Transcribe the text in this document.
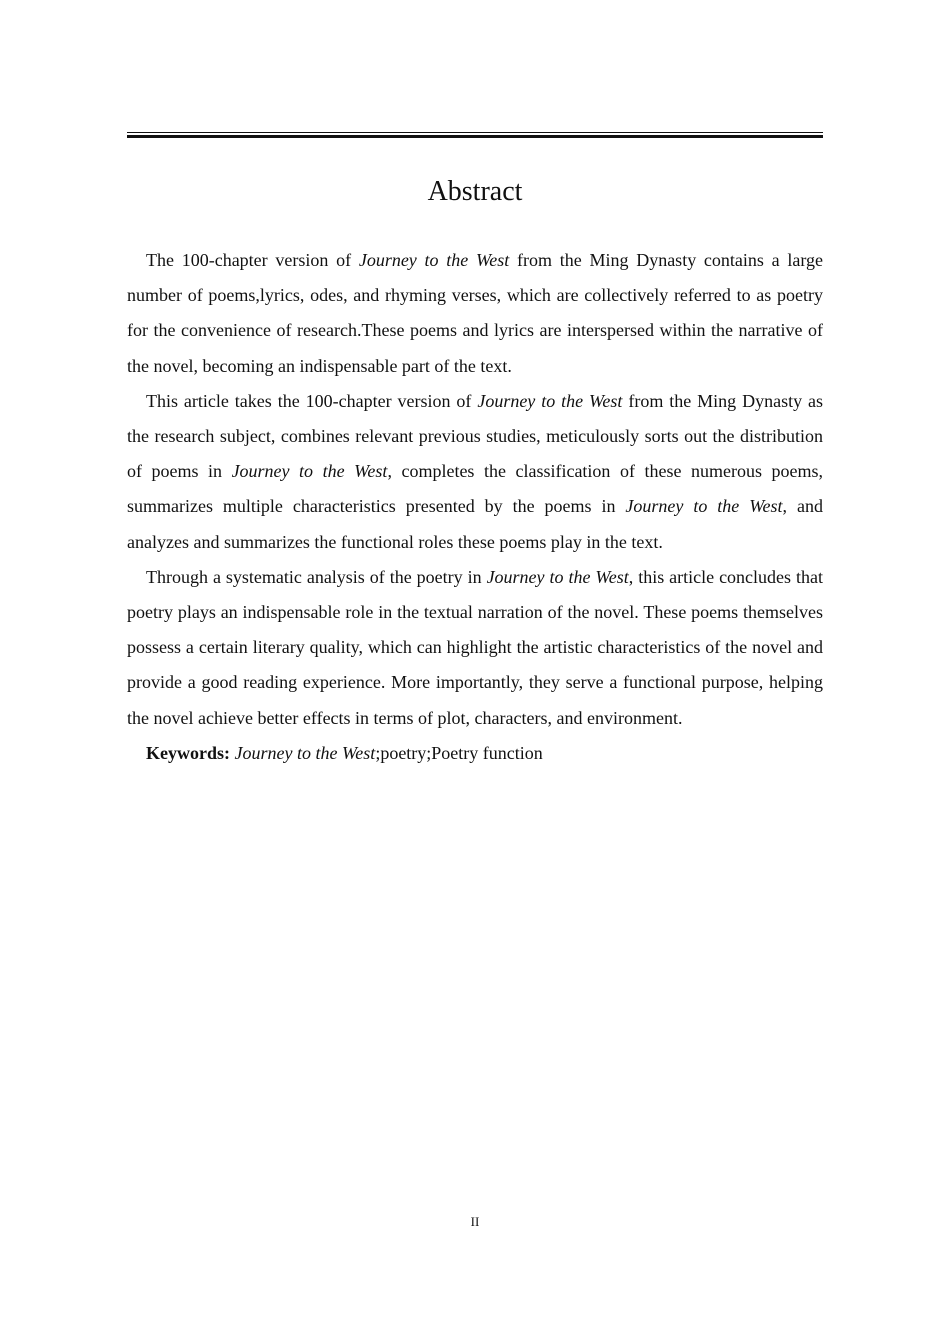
Abstract

The 100-chapter version of Journey to the West from the Ming Dynasty contains a large number of poems,lyrics, odes, and rhyming verses, which are collectively referred to as poetry for the convenience of research.These poems and lyrics are interspersed within the narrative of the novel, becoming an indispensable part of the text.

This article takes the 100-chapter version of Journey to the West from the Ming Dynasty as the research subject, combines relevant previous studies, meticulously sorts out the distribution of poems in Journey to the West, completes the classification of these numerous poems, summarizes multiple characteristics presented by the poems in Journey to the West, and analyzes and summarizes the functional roles these poems play in the text.

Through a systematic analysis of the poetry in Journey to the West, this article concludes that poetry plays an indispensable role in the textual narration of the novel. These poems themselves possess a certain literary quality, which can highlight the artistic characteristics of the novel and provide a good reading experience. More importantly, they serve a functional purpose, helping the novel achieve better effects in terms of plot, characters, and environment.

Keywords: Journey to the West;poetry;Poetry function

II
